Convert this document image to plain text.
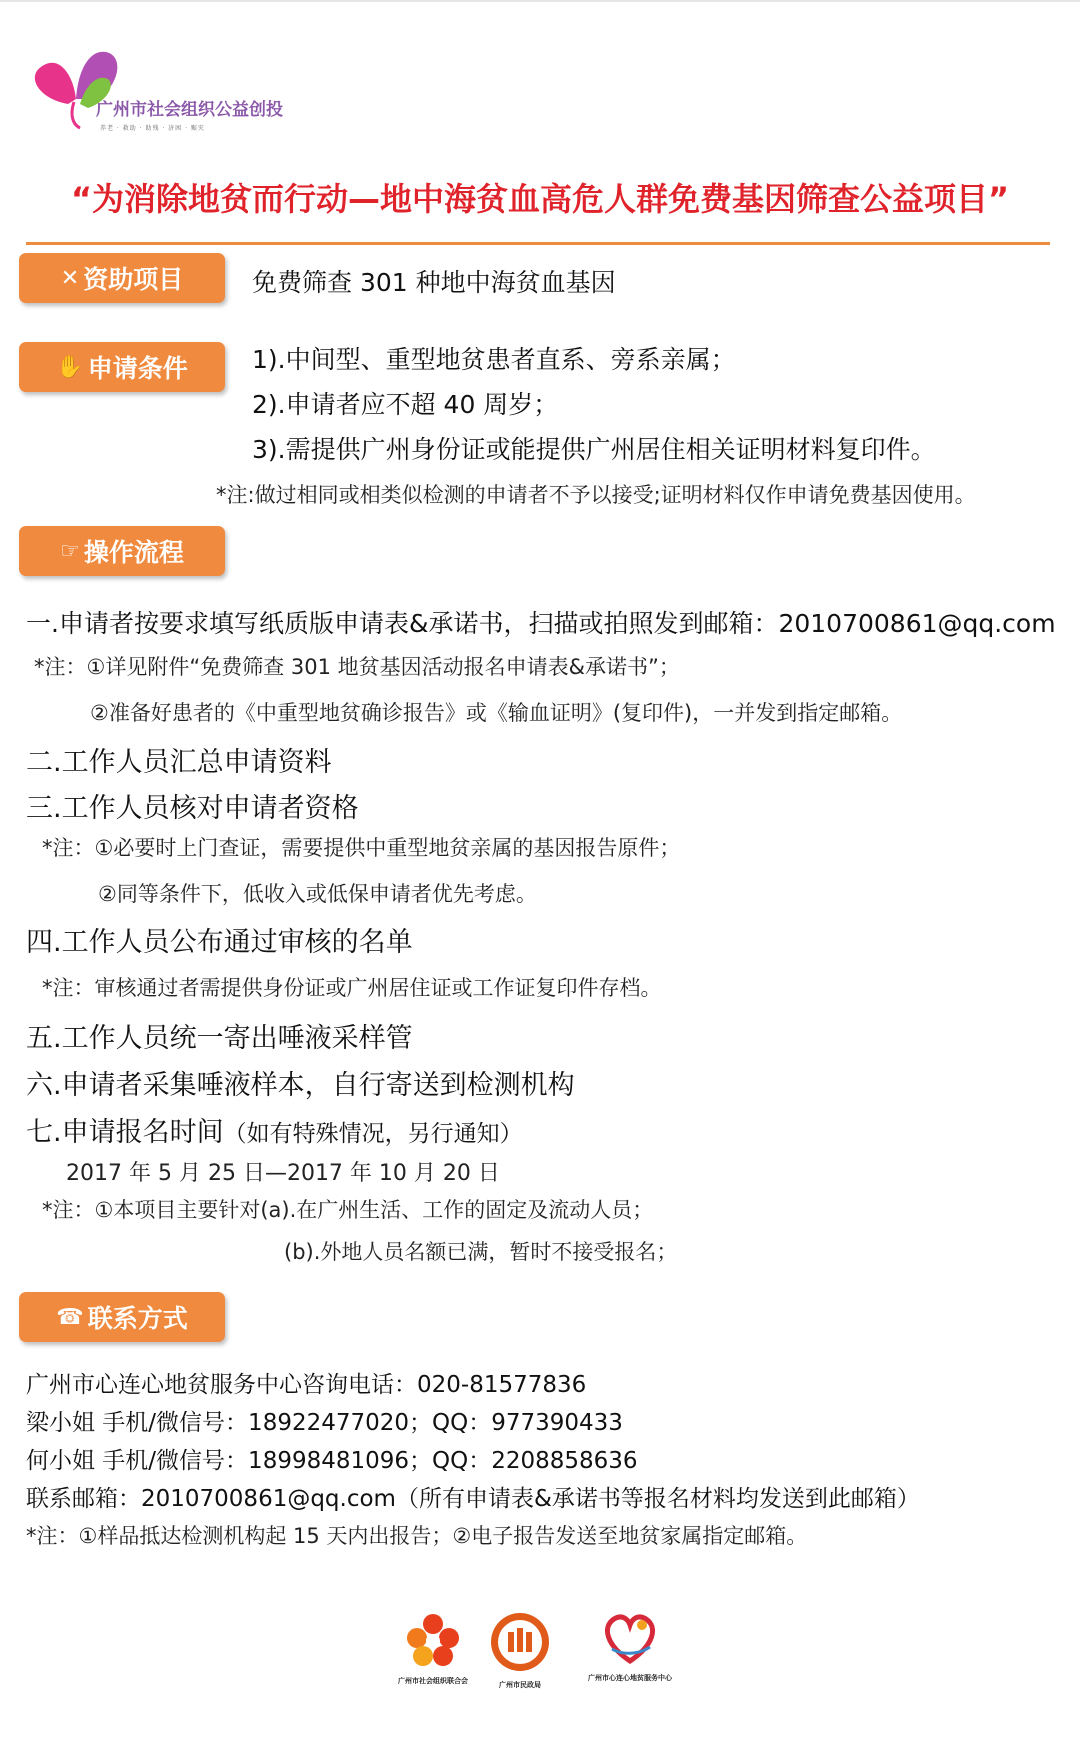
广州市社会组织公益创投
养老 · 救助 · 助残 · 济困 · 赈灾
“为消除地贫而行动—地中海贫血高危人群免费基因筛查公益项目”
✕ 资助项目	免费筛查 301 种地中海贫血基因
✋ 申请条件	1).中间型、重型地贫患者直系、旁系亲属；
2).申请者应不超 40 周岁；
3).需提供广州身份证或能提供广州居住相关证明材料复印件。
*注:做过相同或相类似检测的申请者不予以接受;证明材料仅作申请免费基因使用。
☞ 操作流程
一.申请者按要求填写纸质版申请表&承诺书，扫描或拍照发到邮箱：2010700861@qq.com
*注：①详见附件“免费筛查 301 地贫基因活动报名申请表&承诺书”；
②准备好患者的《中重型地贫确诊报告》或《输血证明》(复印件)，一并发到指定邮箱。
二.工作人员汇总申请资料
三.工作人员核对申请者资格
*注：①必要时上门查证，需要提供中重型地贫亲属的基因报告原件；
②同等条件下，低收入或低保申请者优先考虑。
四.工作人员公布通过审核的名单
*注：审核通过者需提供身份证或广州居住证或工作证复印件存档。
五.工作人员统一寄出唾液采样管
六.申请者采集唾液样本，自行寄送到检测机构
七.申请报名时间（如有特殊情况，另行通知）
2017 年 5 月 25 日—2017 年 10 月 20 日
*注：①本项目主要针对(a).在广州生活、工作的固定及流动人员；
(b).外地人员名额已满，暂时不接受报名；
☎ 联系方式
广州市心连心地贫服务中心咨询电话：020-81577836
梁小姐 手机/微信号：18922477020；QQ：977390433
何小姐 手机/微信号：18998481096；QQ：2208858636
联系邮箱：2010700861@qq.com（所有申请表&承诺书等报名材料均发送到此邮箱）
*注：①样品抵达检测机构起 15 天内出报告；②电子报告发送至地贫家属指定邮箱。
广州市社会组织联合会	广州市民政局
广州市心连心地贫服务中心
